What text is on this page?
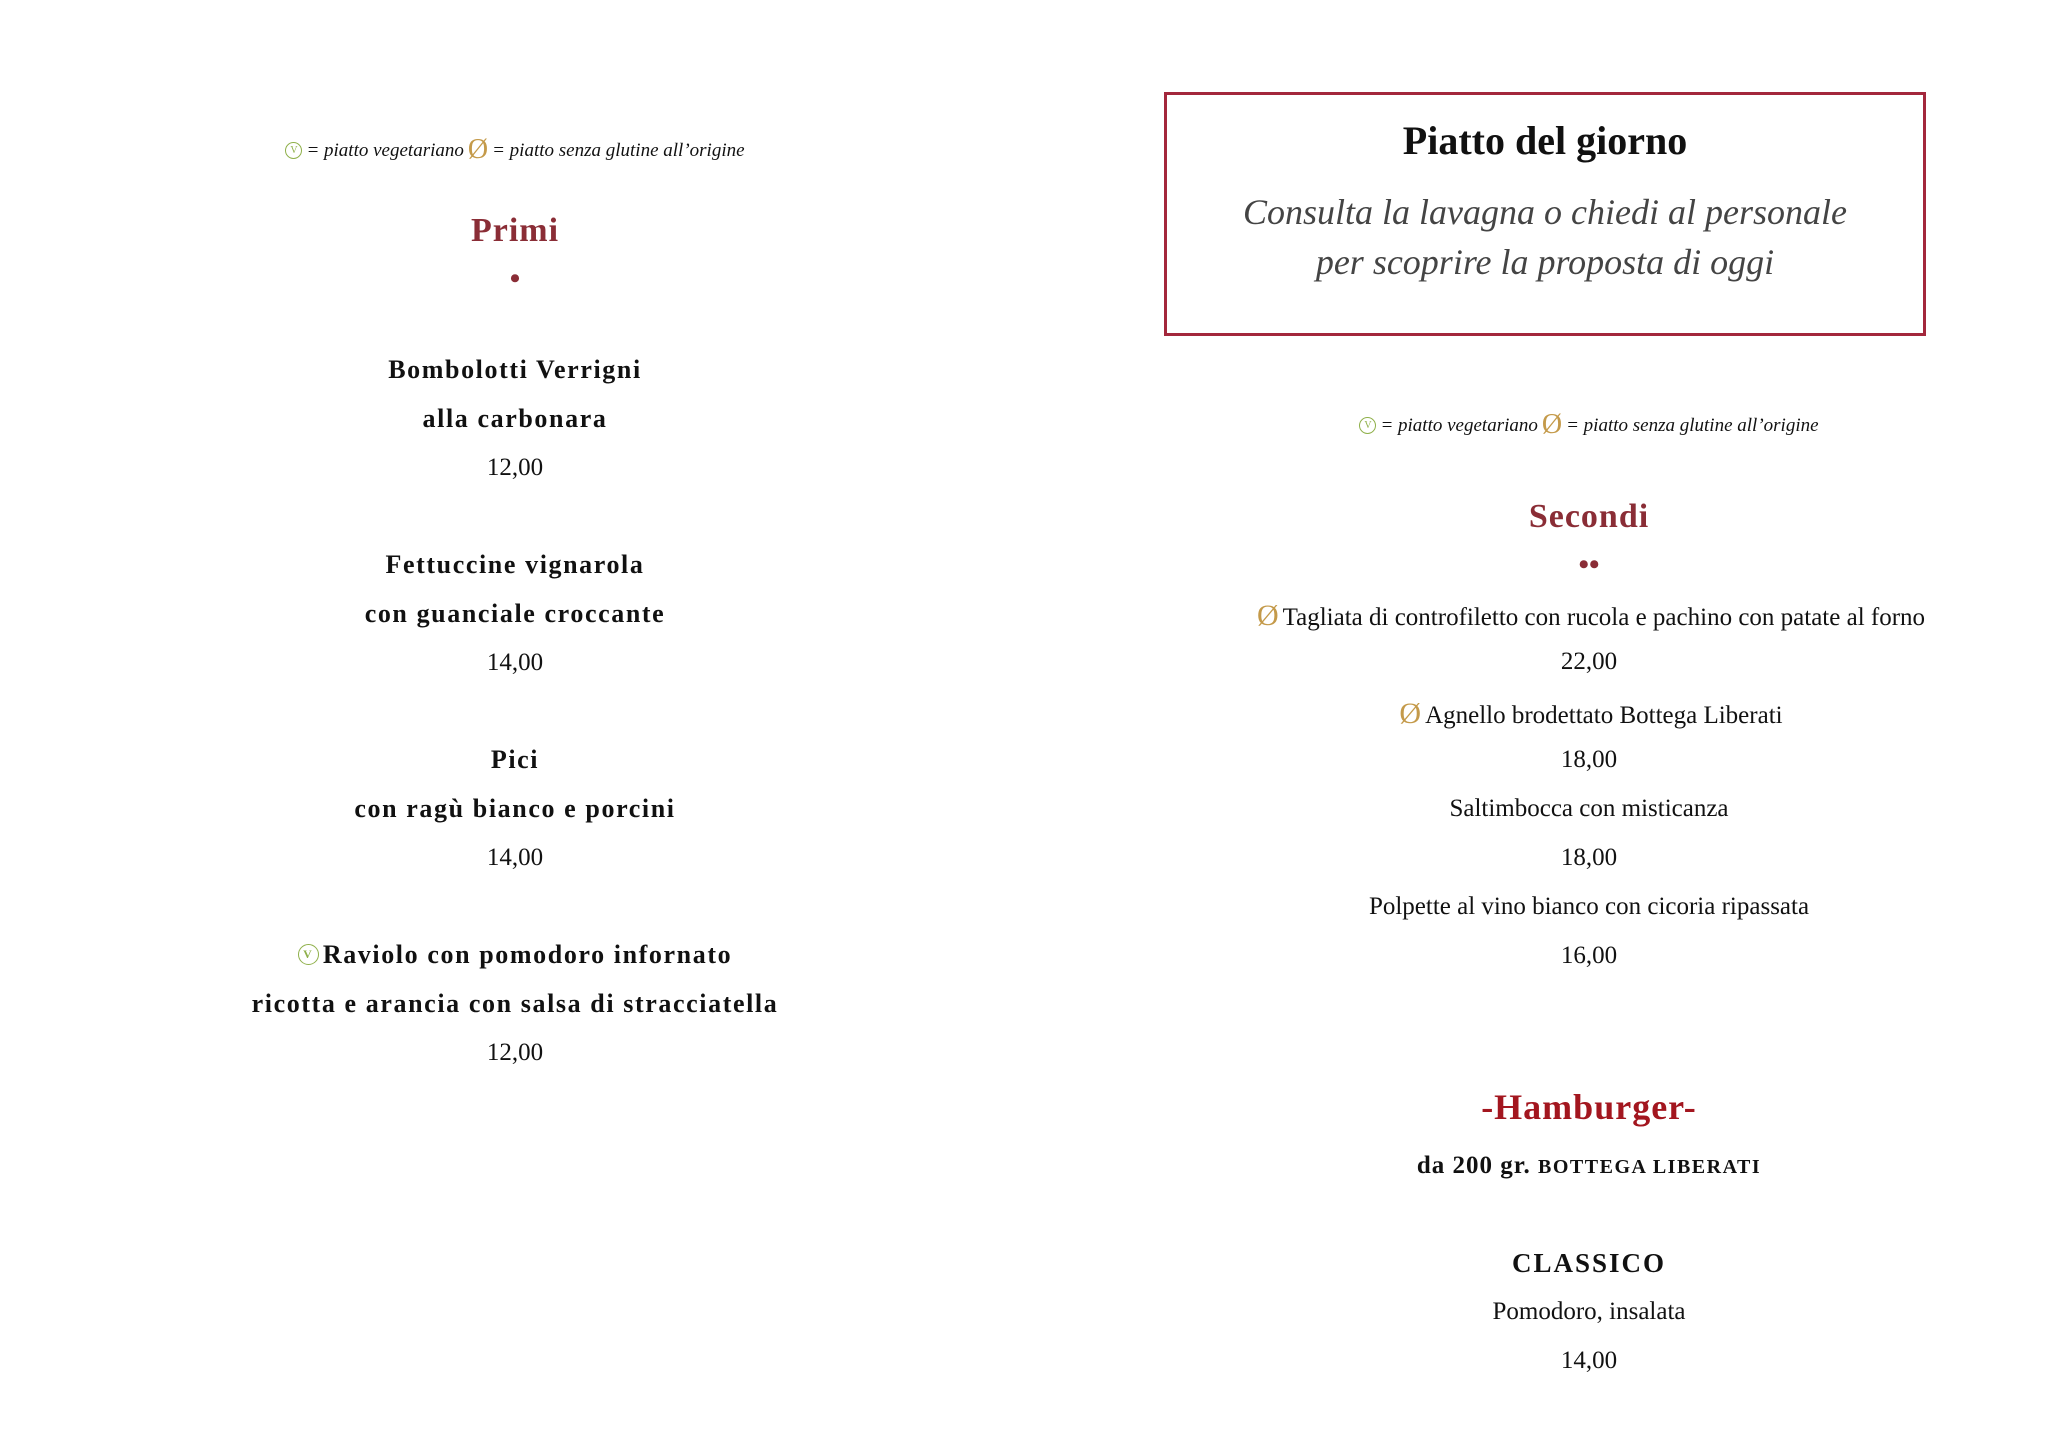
V = piatto vegetariano Ø = piatto senza glutine all’origine
Primi
•
Bombolotti Verrigni
alla carbonara
12,00
Fettuccine vignarola
con guanciale croccante
14,00
Pici
con ragù bianco e porcini
14,00
V Raviolo con pomodoro infornato
ricotta e arancia con salsa di stracciatella
12,00
Piatto del giorno
Consulta la lavagna o chiedi al personale
per scoprire la proposta di oggi
V = piatto vegetariano Ø = piatto senza glutine all’origine
Secondi
••
Ø Tagliata di controfiletto con rucola e pachino con patate al forno
22,00
Ø Agnello brodettato Bottega Liberati
18,00
Saltimbocca con misticanza
18,00
Polpette al vino bianco con cicoria ripassata
16,00
-Hamburger-
da 200 gr. BOTTEGA LIBERATI
CLASSICO
Pomodoro, insalata
14,00
